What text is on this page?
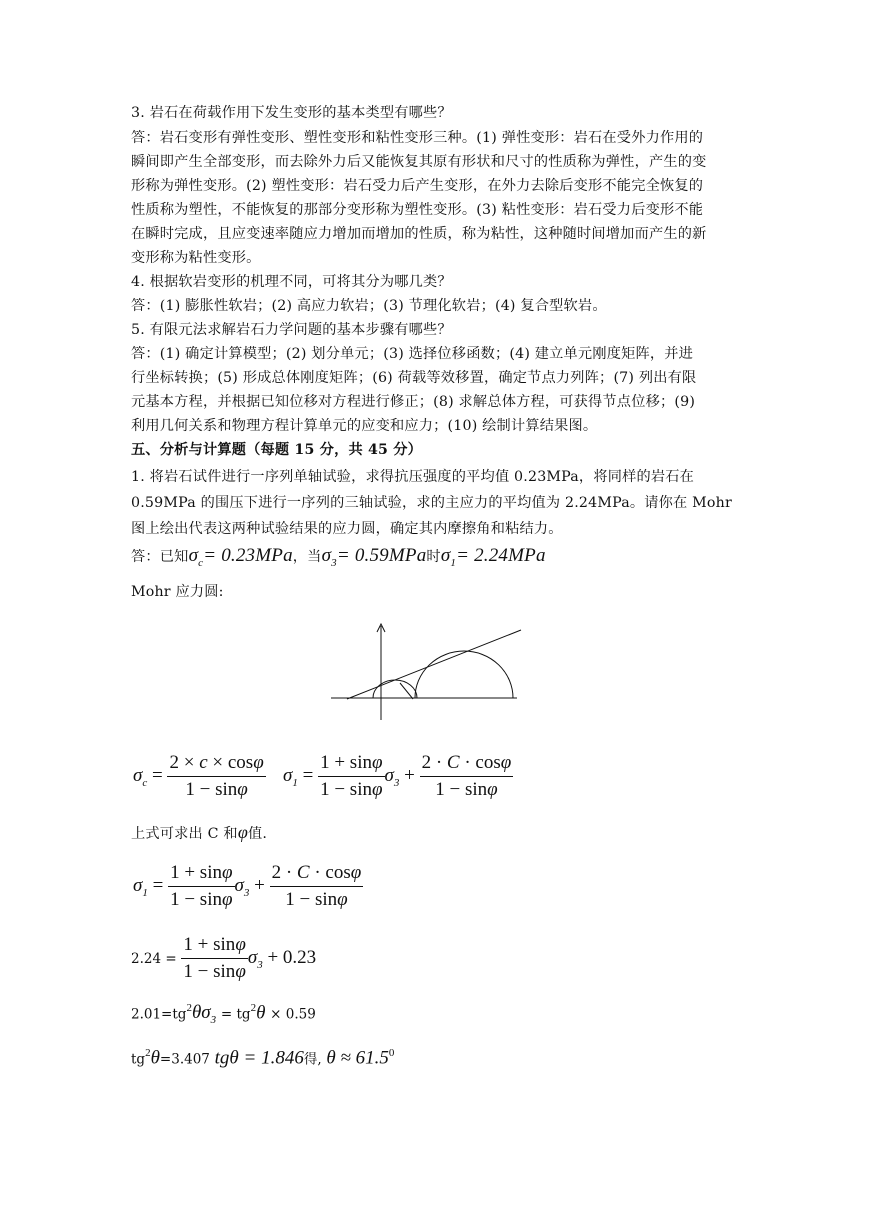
3. 岩石在荷载作用下发生变形的基本类型有哪些？
答：岩石变形有弹性变形、塑性变形和粘性变形三种。(1) 弹性变形：岩石在受外力作用的
瞬间即产生全部变形，而去除外力后又能恢复其原有形状和尺寸的性质称为弹性，产生的变
形称为弹性变形。(2) 塑性变形：岩石受力后产生变形，在外力去除后变形不能完全恢复的
性质称为塑性，不能恢复的那部分变形称为塑性变形。(3) 粘性变形：岩石受力后变形不能
在瞬时完成，且应变速率随应力增加而增加的性质，称为粘性，这种随时间增加而产生的新
变形称为粘性变形。
4. 根据软岩变形的机理不同，可将其分为哪几类？
答：(1) 膨胀性软岩；(2) 高应力软岩；(3) 节理化软岩；(4) 复合型软岩。
5. 有限元法求解岩石力学问题的基本步骤有哪些？
答：(1) 确定计算模型；(2) 划分单元；(3) 选择位移函数；(4) 建立单元刚度矩阵，并进
行坐标转换；(5) 形成总体刚度矩阵；(6) 荷载等效移置，确定节点力列阵；(7) 列出有限
元基本方程，并根据已知位移对方程进行修正；(8) 求解总体方程，可获得节点位移；(9)
利用几何关系和物理方程计算单元的应变和应力；(10) 绘制计算结果图。
五、分析与计算题（每题 15 分，共 45 分）
1. 将岩石试件进行一序列单轴试验，求得抗压强度的平均值 0.23MPa，将同样的岩石在
0.59MPa 的围压下进行一序列的三轴试验，求的主应力的平均值为 2.24MPa。请你在 Mohr
图上绘出代表这两种试验结果的应力圆，确定其内摩擦角和粘结力。
答：已知$\sigma_c= 0.23MPa$，当$\sigma_3= 0.59MPa$时$\sigma_1= 2.24MPa$
Mohr 应力圆:
$\sigma_c = \frac{2 \times c \times \cos\varphi}{1 - \sin\varphi} \sigma_1 = \frac{1 + \sin\varphi}{1 - \sin\varphi} \sigma_3 + \frac{2 \cdot C \cdot \cos\varphi}{1 - \sin\varphi}$
上式可求出 C 和φ值.
$\sigma_1 = \frac{1 + \sin\varphi}{1 - \sin\varphi} \sigma_3 + \frac{2 \cdot C \cdot \cos\varphi}{1 - \sin\varphi}$
$2.24 = \frac{1 + \sin\varphi}{1 - \sin\varphi} \sigma_3 + 0.23$
$2.01=tg^2\theta\sigma_3 = tg^2\theta \times 0.59$
$tg^2\theta=3.407$ tgθ = 1.846得, $\theta \approx 61.5^0$
